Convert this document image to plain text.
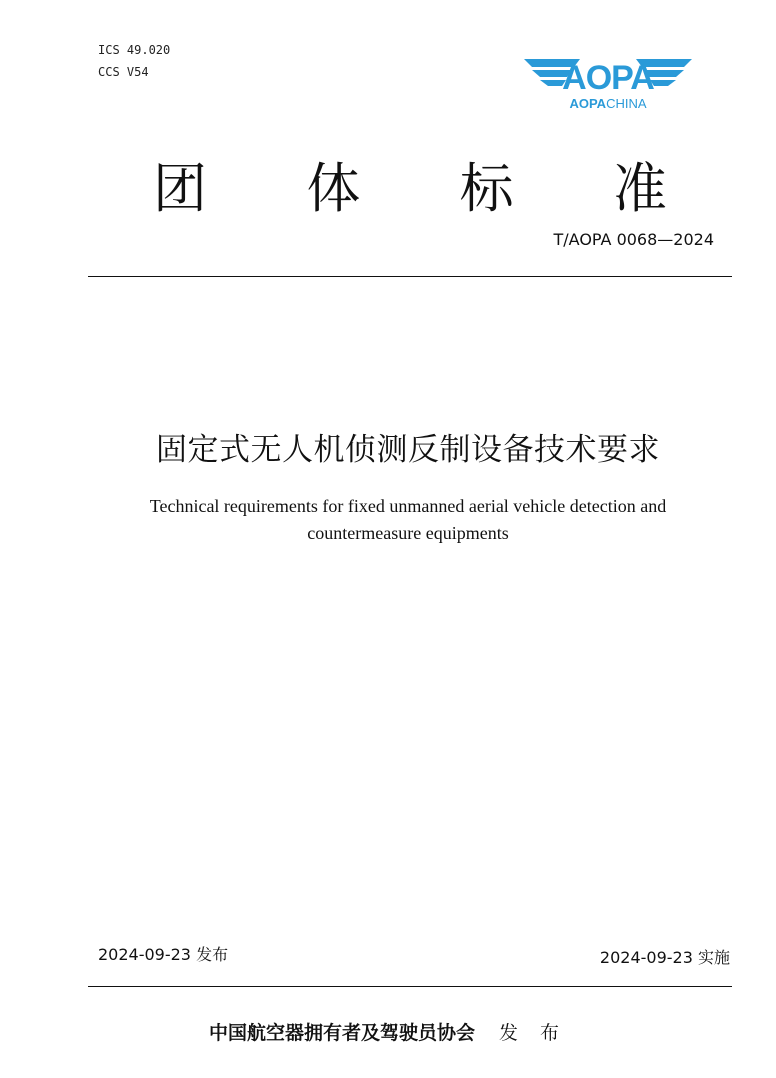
ICS 49.020
CCS V54	AOPA
AOPACHINA
团 体 标 准
T/AOPA 0068—2024
固定式无人机侦测反制设备技术要求
Technical requirements for fixed unmanned aerial vehicle detection and
countermeasure equipments
2024-09-23 发布	2024-09-23 实施
中国航空器拥有者及驾驶员协会 发 布
